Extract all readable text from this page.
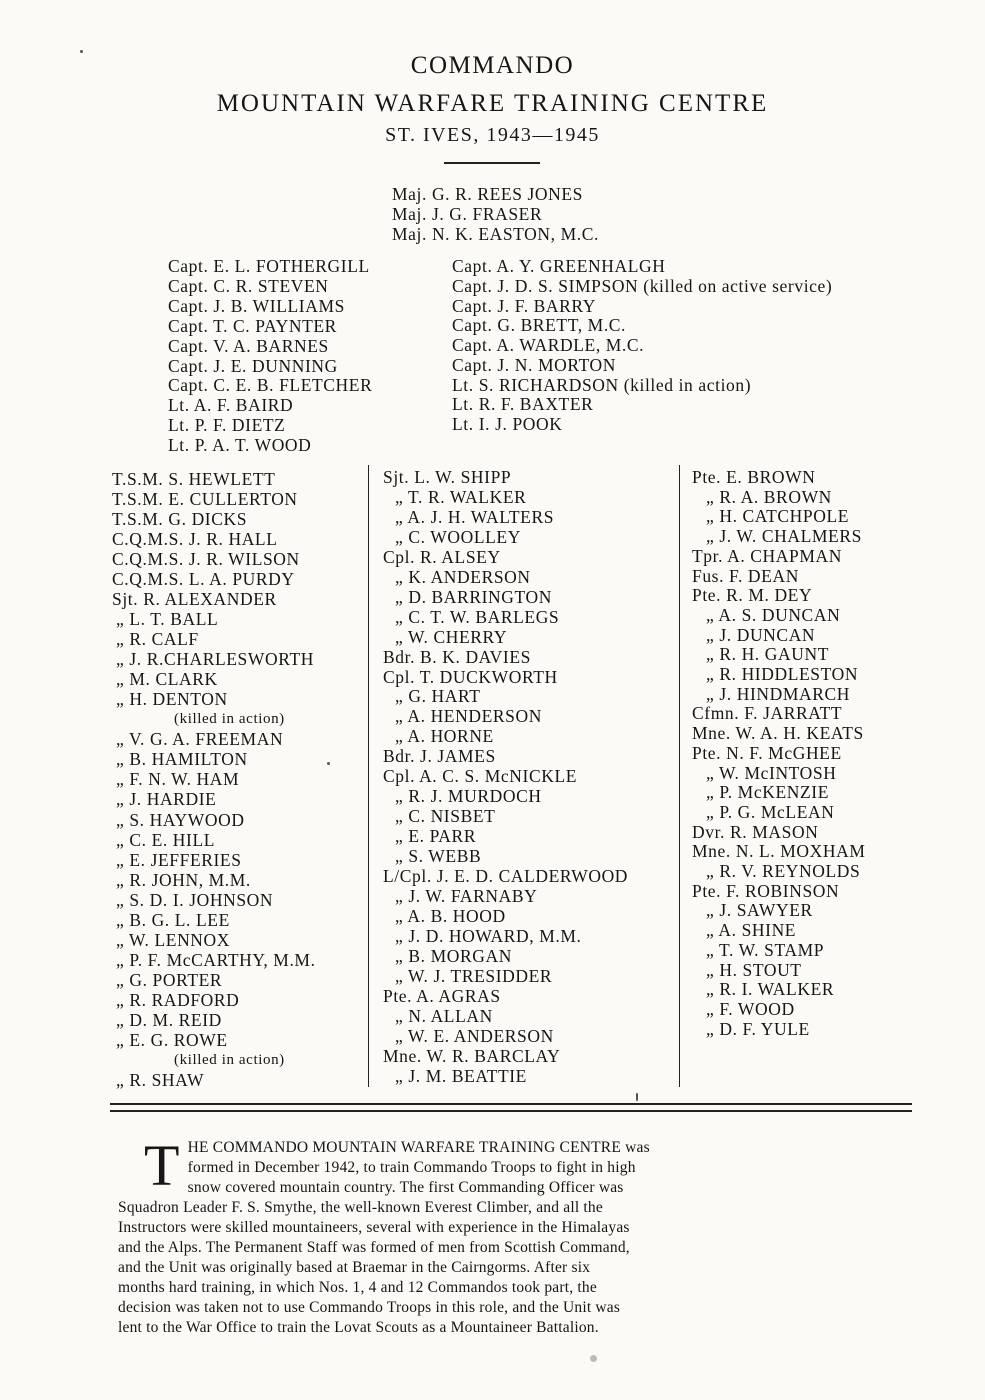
COMMANDO
MOUNTAIN WARFARE TRAINING CENTRE
ST. IVES, 1943—1945
Maj. G. R. REES JONES
Maj. J. G. FRASER
Maj. N. K. EASTON, M.C.
Capt. E. L. FOTHERGILL
Capt. C. R. STEVEN
Capt. J. B. WILLIAMS
Capt. T. C. PAYNTER
Capt. V. A. BARNES
Capt. J. E. DUNNING
Capt. C. E. B. FLETCHER
Lt. A. F. BAIRD
Lt. P. F. DIETZ
Lt. P. A. T. WOOD
Capt. A. Y. GREENHALGH
Capt. J. D. S. SIMPSON (killed on active service)
Capt. J. F. BARRY
Capt. G. BRETT, M.C.
Capt. A. WARDLE, M.C.
Capt. J. N. MORTON
Lt. S. RICHARDSON (killed in action)
Lt. R. F. BAXTER
Lt. I. J. POOK
T.S.M. S. HEWLETT
T.S.M. E. CULLERTON
T.S.M. G. DICKS
C.Q.M.S. J. R. HALL
C.Q.M.S. J. R. WILSON
C.Q.M.S. L. A. PURDY
Sjt. R. ALEXANDER
„ L. T. BALL
„ R. CALF
„ J. R.CHARLESWORTH
„ M. CLARK
„ H. DENTON
(killed in action)
„ V. G. A. FREEMAN
„ B. HAMILTON
„ F. N. W. HAM
„ J. HARDIE
„ S. HAYWOOD
„ C. E. HILL
„ E. JEFFERIES
„ R. JOHN, M.M.
„ S. D. I. JOHNSON
„ B. G. L. LEE
„ W. LENNOX
„ P. F. McCARTHY, M.M.
„ G. PORTER
„ R. RADFORD
„ D. M. REID
„ E. G. ROWE
(killed in action)
„ R. SHAW
Sjt. L. W. SHIPP
„ T. R. WALKER
„ A. J. H. WALTERS
„ C. WOOLLEY
Cpl. R. ALSEY
„ K. ANDERSON
„ D. BARRINGTON
„ C. T. W. BARLEGS
„ W. CHERRY
Bdr. B. K. DAVIES
Cpl. T. DUCKWORTH
„ G. HART
„ A. HENDERSON
„ A. HORNE
Bdr. J. JAMES
Cpl. A. C. S. McNICKLE
„ R. J. MURDOCH
„ C. NISBET
„ E. PARR
„ S. WEBB
L/Cpl. J. E. D. CALDERWOOD
„ J. W. FARNABY
„ A. B. HOOD
„ J. D. HOWARD, M.M.
„ B. MORGAN
„ W. J. TRESIDDER
Pte. A. AGRAS
„ N. ALLAN
„ W. E. ANDERSON
Mne. W. R. BARCLAY
„ J. M. BEATTIE
Pte. E. BROWN
„ R. A. BROWN
„ H. CATCHPOLE
„ J. W. CHALMERS
Tpr. A. CHAPMAN
Fus. F. DEAN
Pte. R. M. DEY
„ A. S. DUNCAN
„ J. DUNCAN
„ R. H. GAUNT
„ R. HIDDLESTON
„ J. HINDMARCH
Cfmn. F. JARRATT
Mne. W. A. H. KEATS
Pte. N. F. McGHEE
„ W. McINTOSH
„ P. McKENZIE
„ P. G. McLEAN
Dvr. R. MASON
Mne. N. L. MOXHAM
„ R. V. REYNOLDS
Pte. F. ROBINSON
„ J. SAWYER
„ A. SHINE
„ T. W. STAMP
„ H. STOUT
„ R. I. WALKER
„ F. WOOD
„ D. F. YULE
T HE COMMANDO MOUNTAIN WARFARE TRAINING CENTRE was
formed in December 1942, to train Commando Troops to fight in high
snow covered mountain country. The first Commanding Officer was
Squadron Leader F. S. Smythe, the well-known Everest Climber, and all the
Instructors were skilled mountaineers, several with experience in the Himalayas
and the Alps. The Permanent Staff was formed of men from Scottish Command,
and the Unit was originally based at Braemar in the Cairngorms. After six
months hard training, in which Nos. 1, 4 and 12 Commandos took part, the
decision was taken not to use Commando Troops in this role, and the Unit was
lent to the War Office to train the Lovat Scouts as a Mountaineer Battalion.
